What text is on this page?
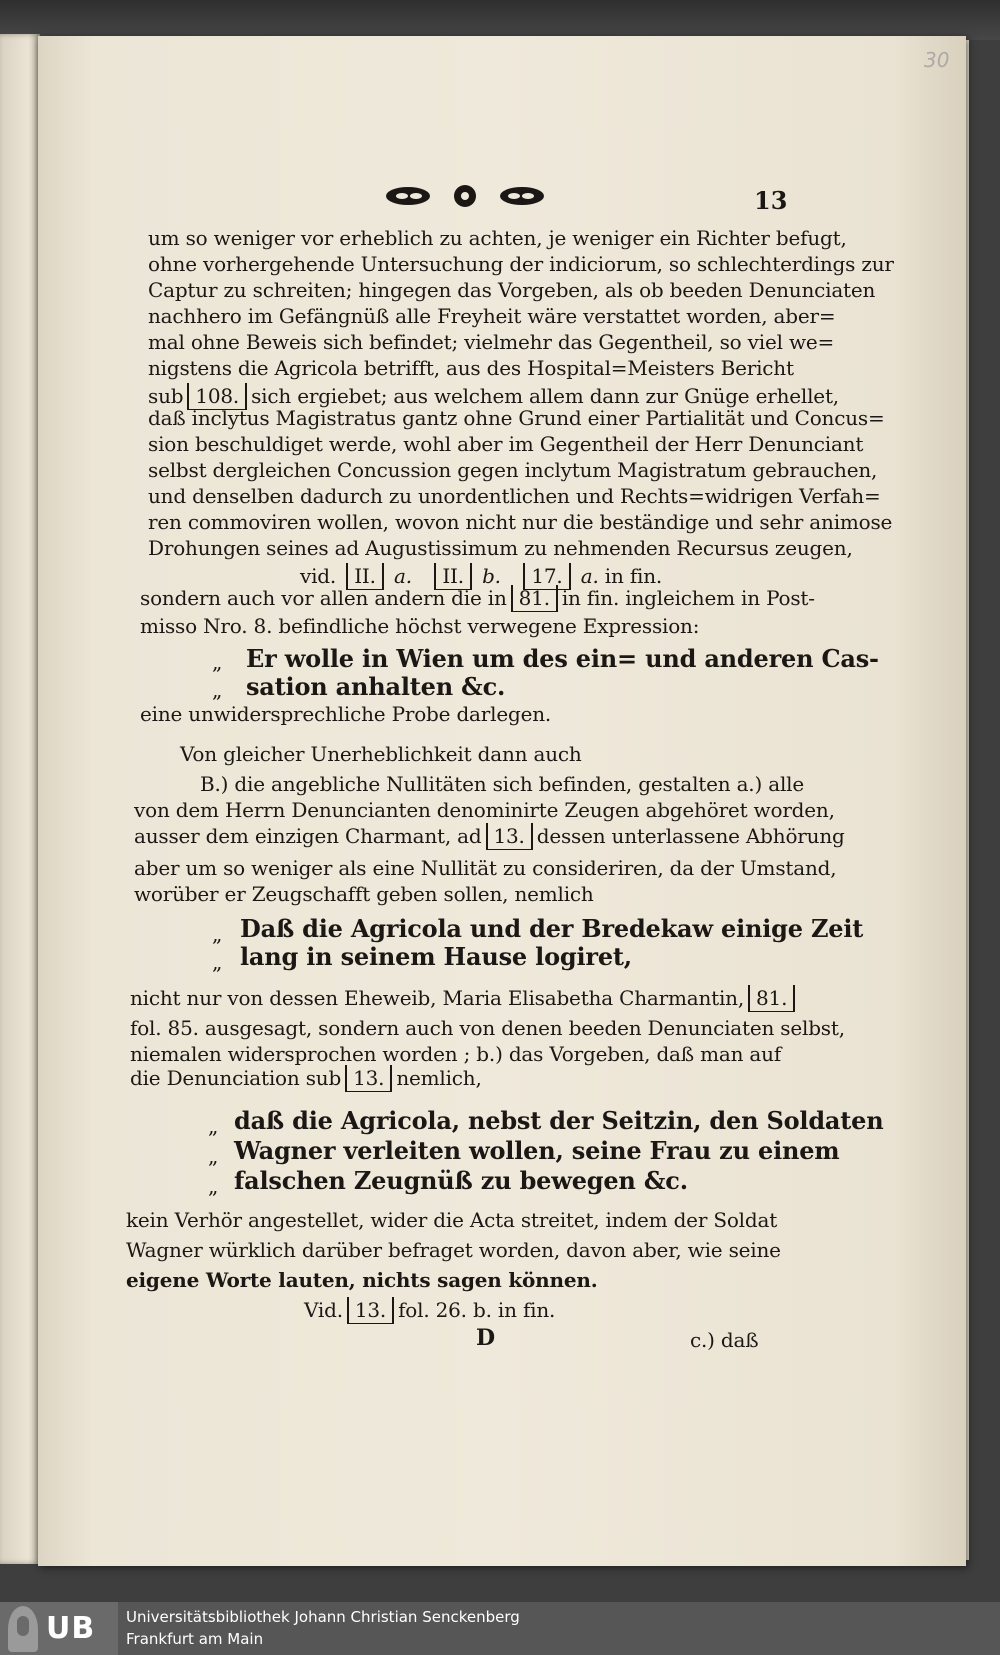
30
13
um so weniger vor erheblich zu achten, je weniger ein Richter befugt,
ohne vorhergehende Untersuchung der indiciorum, so schlechterdings zur
Captur zu schreiten; hingegen das Vorgeben, als ob beeden Denunciaten
nachhero im Gefängnüß alle Freyheit wäre verstattet worden, aber=
mal ohne Beweis sich befindet; vielmehr das Gegentheil, so viel we=
nigstens die Agricola betrifft, aus des Hospital=Meisters Bericht
sub 108. sich ergiebet; aus welchem allem dann zur Gnüge erhellet,
daß inclytus Magistratus gantz ohne Grund einer Partialität und Concus=
sion beschuldiget werde, wohl aber im Gegentheil der Herr Denunciant
selbst dergleichen Concussion gegen inclytum Magistratum gebrauchen,
und denselben dadurch zu unordentlichen und Rechts=widrigen Verfah=
ren commoviren wollen, wovon nicht nur die beständige und sehr animose
Drohungen seines ad Augustissimum zu nehmenden Recursus zeugen,
vid. II. a. II. b. 17. a. in fin.
sondern auch vor allen andern die in 81. in fin. ingleichem in Post-
misso Nro. 8. befindliche höchst verwegene Expression:
„ Er wolle in Wien um des ein= und anderen Cas-
„ sation anhalten &c.
eine unwidersprechliche Probe darlegen.
Von gleicher Unerheblichkeit dann auch
B.) die angebliche Nullitäten sich befinden, gestalten a.) alle
von dem Herrn Denuncianten denominirte Zeugen abgehöret worden,
ausser dem einzigen Charmant, ad 13. dessen unterlassene Abhörung
aber um so weniger als eine Nullität zu consideriren, da der Umstand,
worüber er Zeugschafft geben sollen, nemlich
„ Daß die Agricola und der Bredekaw einige Zeit
„ lang in seinem Hause logiret,
nicht nur von dessen Eheweib, Maria Elisabetha Charmantin, 81.
fol. 85. ausgesagt, sondern auch von denen beeden Denunciaten selbst,
niemalen widersprochen worden ; b.) das Vorgeben, daß man auf
die Denunciation sub 13. nemlich,
„ daß die Agricola, nebst der Seitzin, den Soldaten
„ Wagner verleiten wollen, seine Frau zu einem
„ falschen Zeugnüß zu bewegen &c.
kein Verhör angestellet, wider die Acta streitet, indem der Soldat
Wagner würklich darüber befraget worden, davon aber, wie seine
eigene Worte lauten, nichts sagen können.
Vid. 13. fol. 26. b. in fin.
D	c.) daß
UB Universitätsbibliothek Johann Christian Senckenberg
Frankfurt am Main
